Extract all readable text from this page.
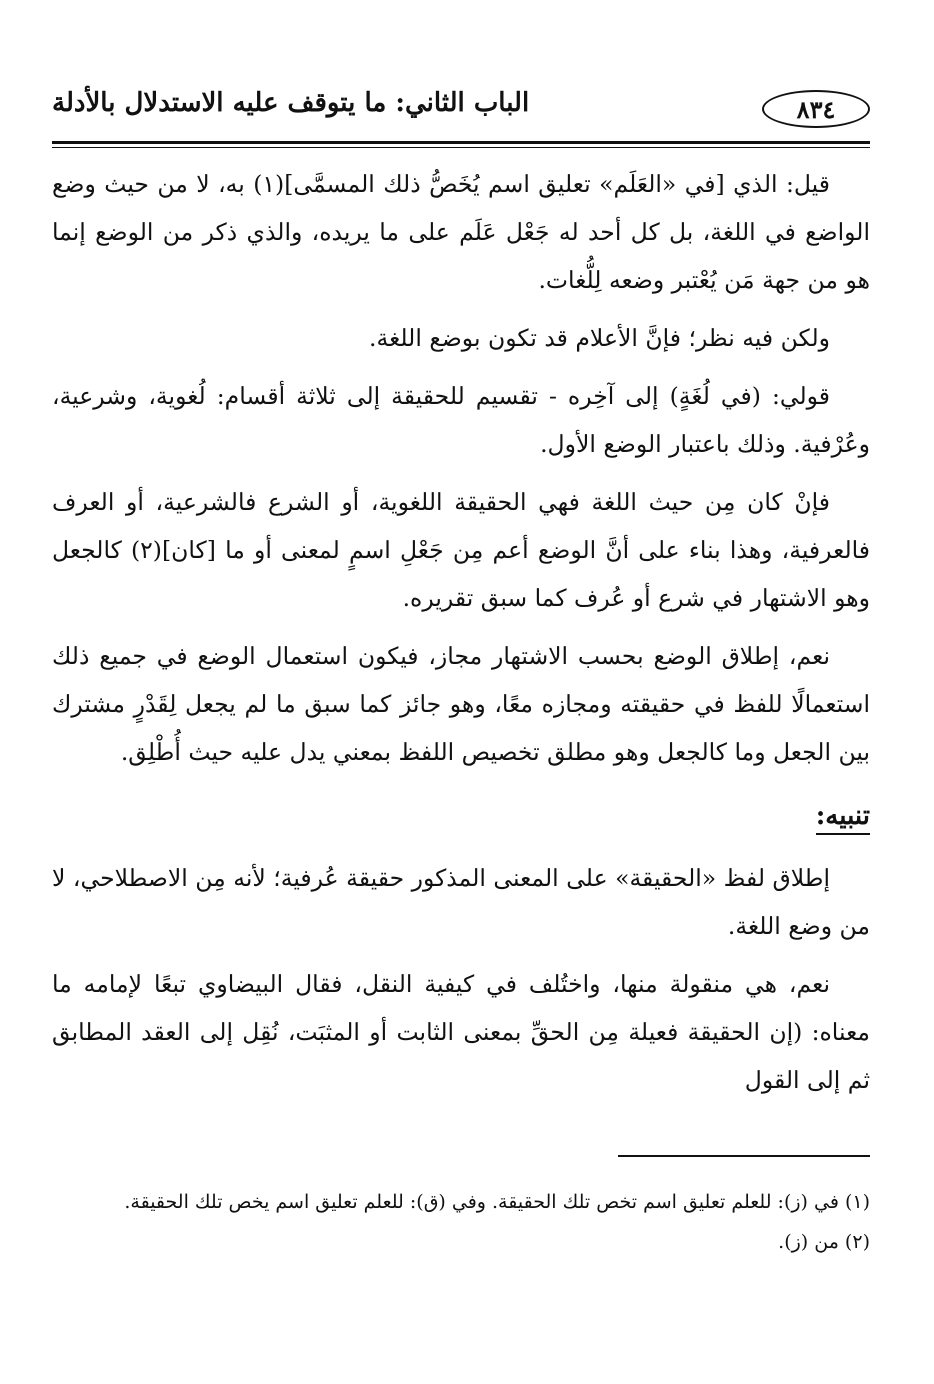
٨٣٤
الباب الثاني: ما يتوقف عليه الاستدلال بالأدلة

قيل: الذي [في «العَلَم» تعليق اسم يُخَصُّ ذلك المسمَّى](١) به، لا من حيث وضع الواضع في اللغة، بل كل أحد له جَعْل عَلَم على ما يريده، والذي ذكر من الوضع إنما هو من جهة مَن يُعْتبر وضعه لِلُّغات.

ولكن فيه نظر؛ فإنَّ الأعلام قد تكون بوضع اللغة.

قولي: (في لُغَةٍ) إلى آخِره - تقسيم للحقيقة إلى ثلاثة أقسام: لُغوية، وشرعية، وعُرْفية. وذلك باعتبار الوضع الأول.

فإنْ كان مِن حيث اللغة فهي الحقيقة اللغوية، أو الشرع فالشرعية، أو العرف فالعرفية، وهذا بناء على أنَّ الوضع أعم مِن جَعْلِ اسمٍ لمعنى أو ما [كان](٢) كالجعل وهو الاشتهار في شرع أو عُرف كما سبق تقريره.

نعم، إطلاق الوضع بحسب الاشتهار مجاز، فيكون استعمال الوضع في جميع ذلك استعمالًا للفظ في حقيقته ومجازه معًا، وهو جائز كما سبق ما لم يجعل لِقَدْرٍ مشترك بين الجعل وما كالجعل وهو مطلق تخصيص اللفظ بمعني يدل عليه حيث أُطْلِق.

تنبيه:

إطلاق لفظ «الحقيقة» على المعنى المذكور حقيقة عُرفية؛ لأنه مِن الاصطلاحي، لا من وضع اللغة.

نعم، هي منقولة منها، واختُلف في كيفية النقل، فقال البيضاوي تبعًا لإمامه ما معناه: (إن الحقيقة فعيلة مِن الحقِّ بمعنى الثابت أو المثبَت، نُقِل إلى العقد المطابق ثم إلى القول

(١) في (ز): للعلم تعليق اسم تخص تلك الحقيقة. وفي (ق): للعلم تعليق اسم يخص تلك الحقيقة.

(٢) من (ز).
